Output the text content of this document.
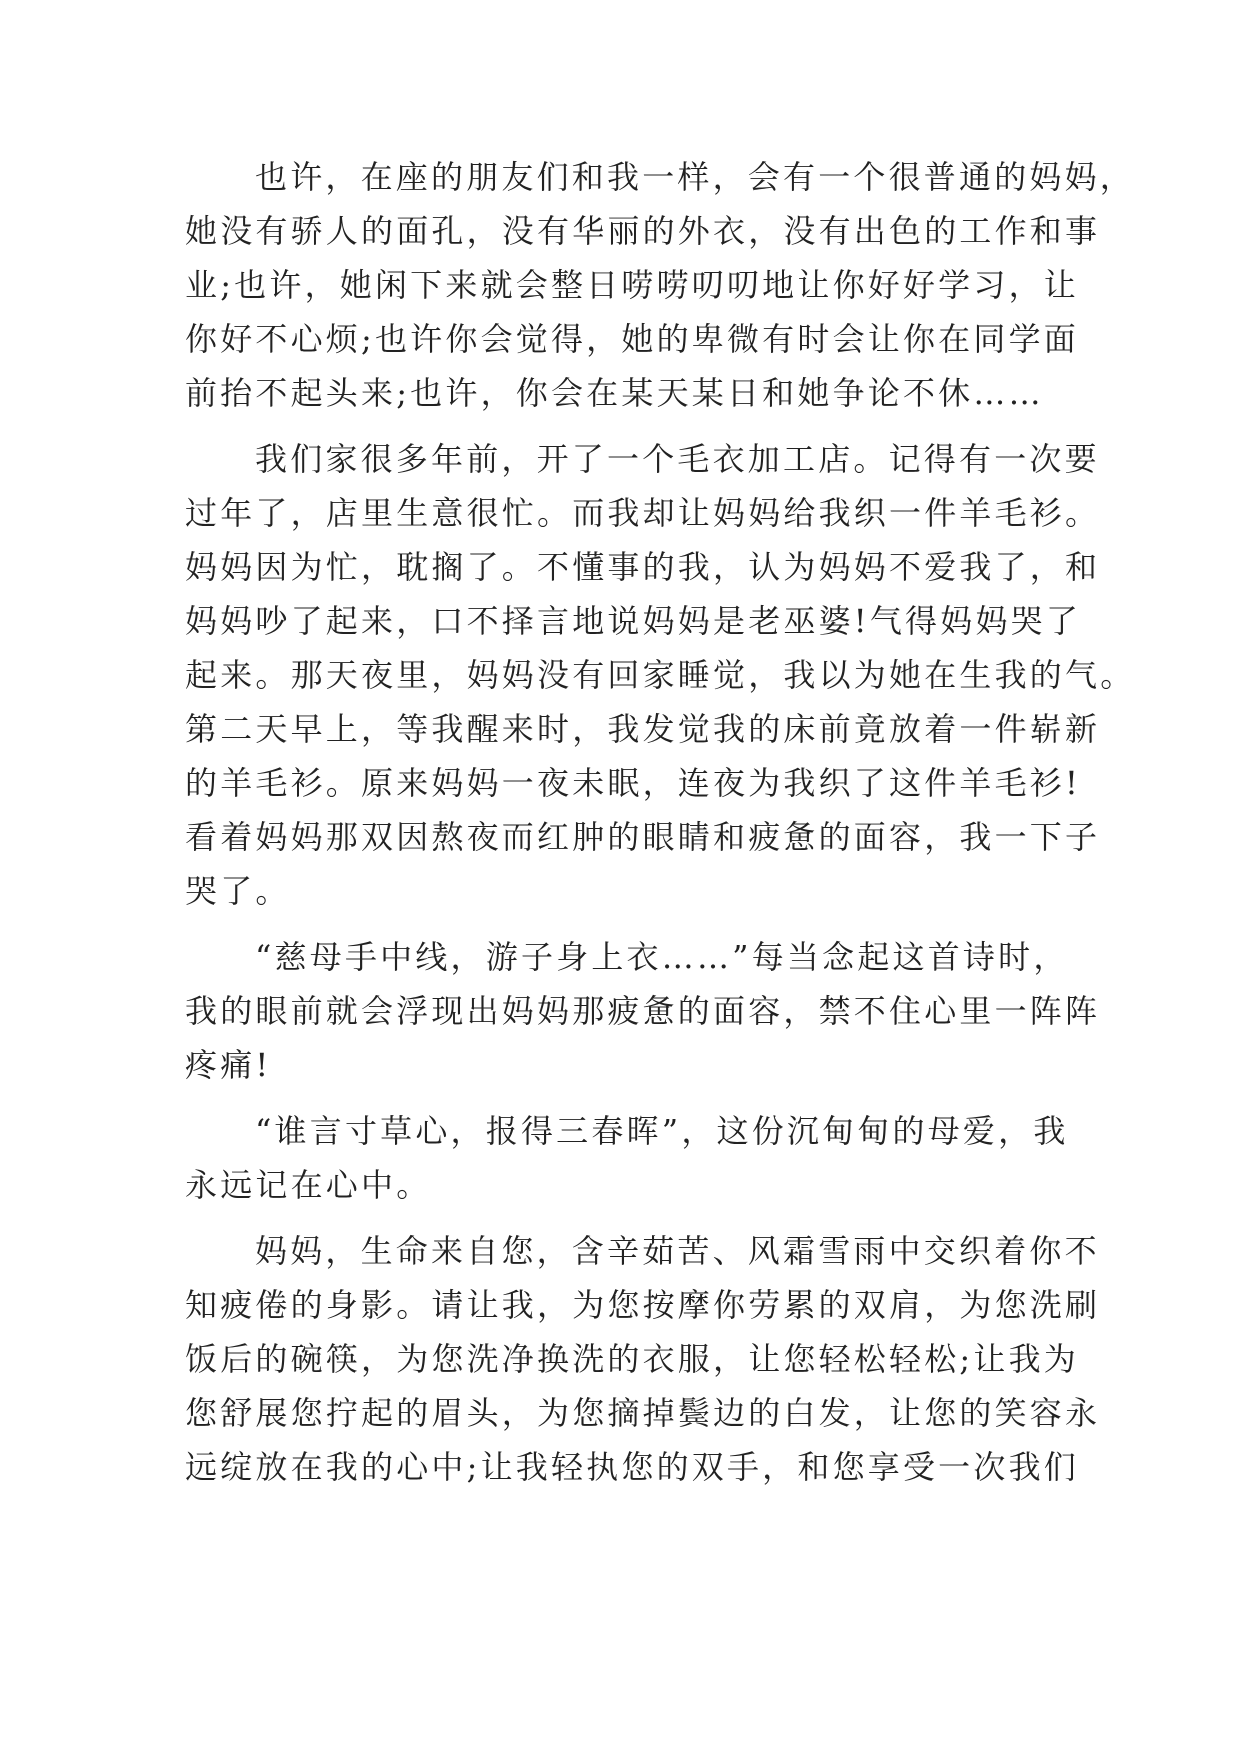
也许，在座的朋友们和我一样，会有一个很普通的妈妈，
她没有骄人的面孔，没有华丽的外衣，没有出色的工作和事
业;也许，她闲下来就会整日唠唠叨叨地让你好好学习，让
你好不心烦;也许你会觉得，她的卑微有时会让你在同学面
前抬不起头来;也许，你会在某天某日和她争论不休……
我们家很多年前，开了一个毛衣加工店。记得有一次要
过年了，店里生意很忙。而我却让妈妈给我织一件羊毛衫。
妈妈因为忙，耽搁了。不懂事的我，认为妈妈不爱我了，和
妈妈吵了起来，口不择言地说妈妈是老巫婆!气得妈妈哭了
起来。那天夜里，妈妈没有回家睡觉，我以为她在生我的气。
第二天早上，等我醒来时，我发觉我的床前竟放着一件崭新
的羊毛衫。原来妈妈一夜未眠，连夜为我织了这件羊毛衫!
看着妈妈那双因熬夜而红肿的眼睛和疲惫的面容，我一下子
哭了。
“慈母手中线，游子身上衣……”每当念起这首诗时，
我的眼前就会浮现出妈妈那疲惫的面容，禁不住心里一阵阵
疼痛!
“谁言寸草心，报得三春晖”，这份沉甸甸的母爱，我
永远记在心中。
妈妈，生命来自您，含辛茹苦、风霜雪雨中交织着你不
知疲倦的身影。请让我，为您按摩你劳累的双肩，为您洗刷
饭后的碗筷，为您洗净换洗的衣服，让您轻松轻松;让我为
您舒展您拧起的眉头，为您摘掉鬓边的白发，让您的笑容永
远绽放在我的心中;让我轻执您的双手，和您享受一次我们
